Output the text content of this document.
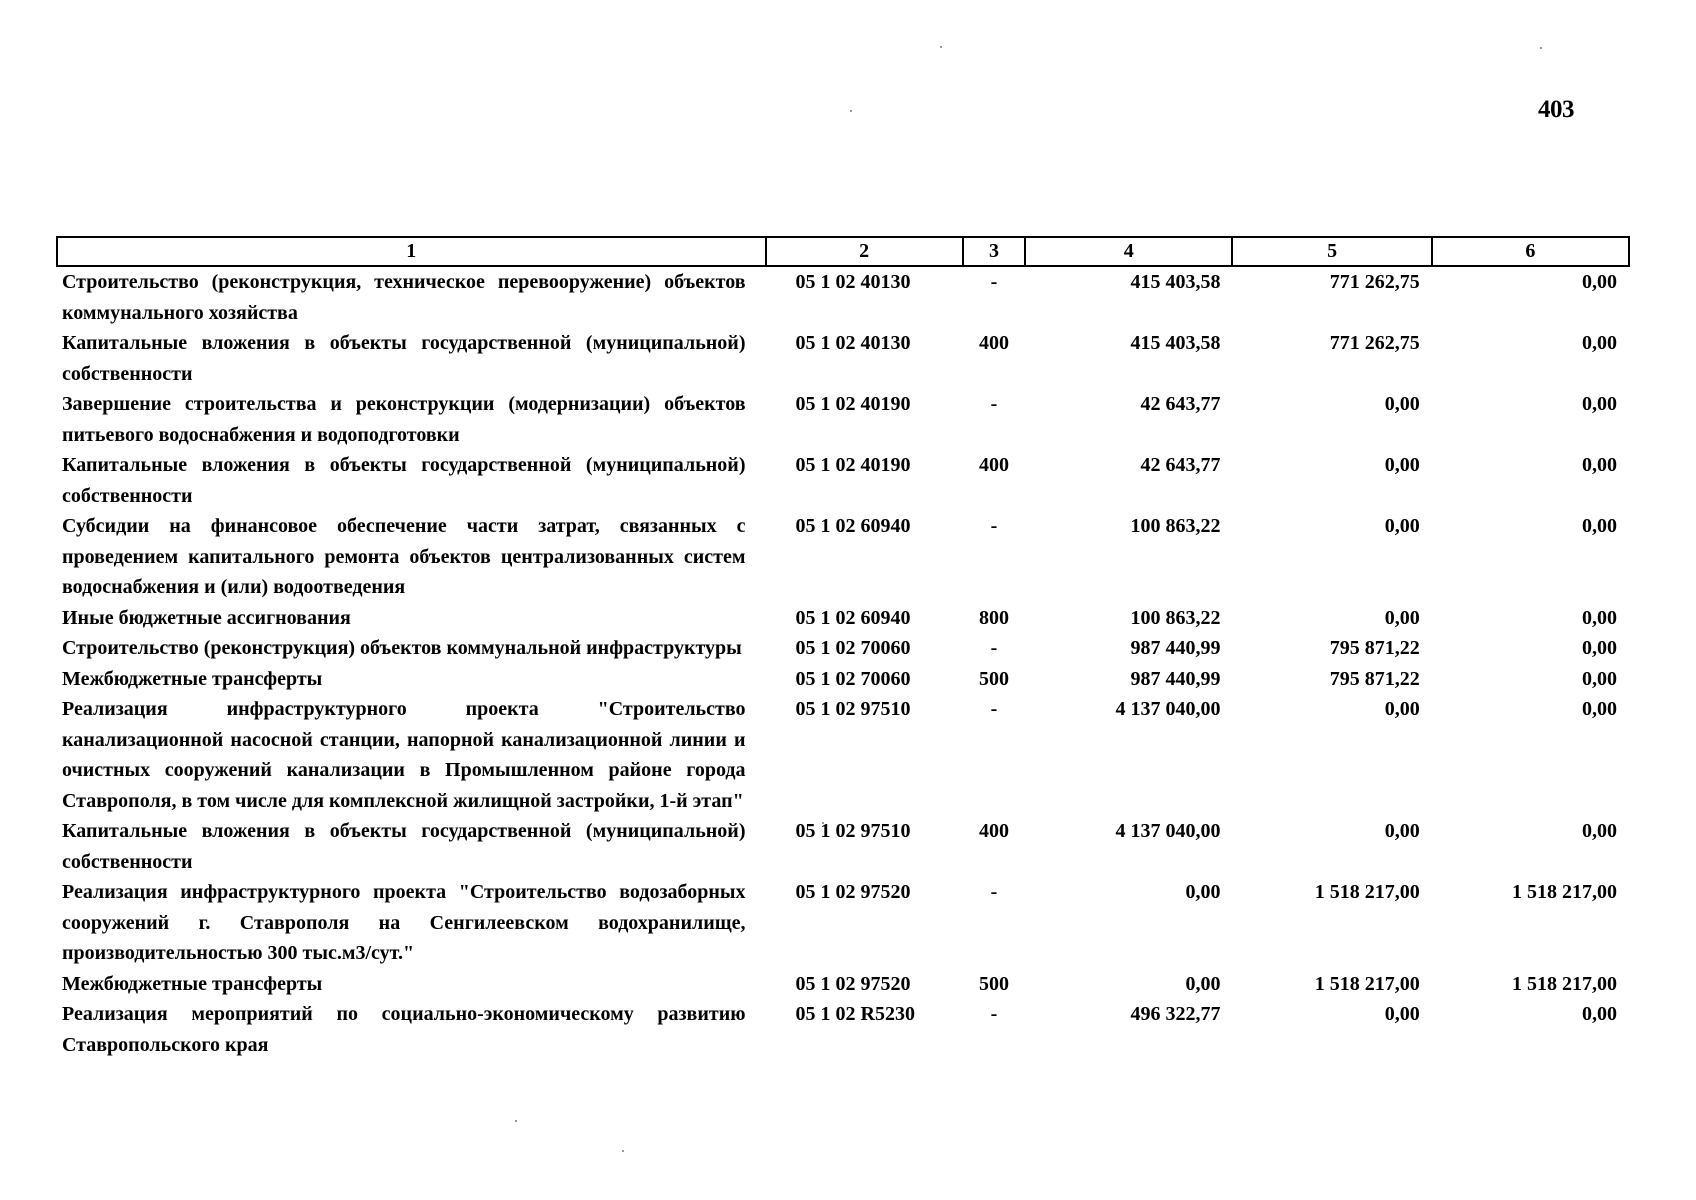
403
1	2	3	4	5	6
Строительство (реконструкция, техническое перевооружение) объектов коммунального хозяйства	05 1 02 40130	-	415 403,58	771 262,75	0,00
Капитальные вложения в объекты государственной (муниципальной) собственности	05 1 02 40130	400	415 403,58	771 262,75	0,00
Завершение строительства и реконструкции (модернизации) объектов питьевого водоснабжения и водоподготовки	05 1 02 40190	-	42 643,77	0,00	0,00
Капитальные вложения в объекты государственной (муниципальной) собственности	05 1 02 40190	400	42 643,77	0,00	0,00
Субсидии на финансовое обеспечение части затрат, связанных с проведением капитального ремонта объектов централизованных систем водоснабжения и (или) водоотведения	05 1 02 60940	-	100 863,22	0,00	0,00
Иные бюджетные ассигнования	05 1 02 60940	800	100 863,22	0,00	0,00
Строительство (реконструкция) объектов коммунальной инфраструктуры	05 1 02 70060	-	987 440,99	795 871,22	0,00
Межбюджетные трансферты	05 1 02 70060	500	987 440,99	795 871,22	0,00
Реализация инфраструктурного проекта "Строительство канализационной насосной станции, напорной канализационной линии и очистных сооружений канализации в Промышленном районе города Ставрополя, в том числе для комплексной жилищной застройки, 1-й этап"	05 1 02 97510	-	4 137 040,00	0,00	0,00
Капитальные вложения в объекты государственной (муниципальной) собственности	05 1 02 97510	400	4 137 040,00	0,00	0,00
Реализация инфраструктурного проекта "Строительство водозаборных сооружений г. Ставрополя на Сенгилеевском водохранилище, производительностью 300 тыс.м3/сут."	05 1 02 97520	-	0,00	1 518 217,00	1 518 217,00
Межбюджетные трансферты	05 1 02 97520	500	0,00	1 518 217,00	1 518 217,00
Реализация мероприятий по социально-экономическому развитию Ставропольского края	05 1 02 R5230	-	496 322,77	0,00	0,00
